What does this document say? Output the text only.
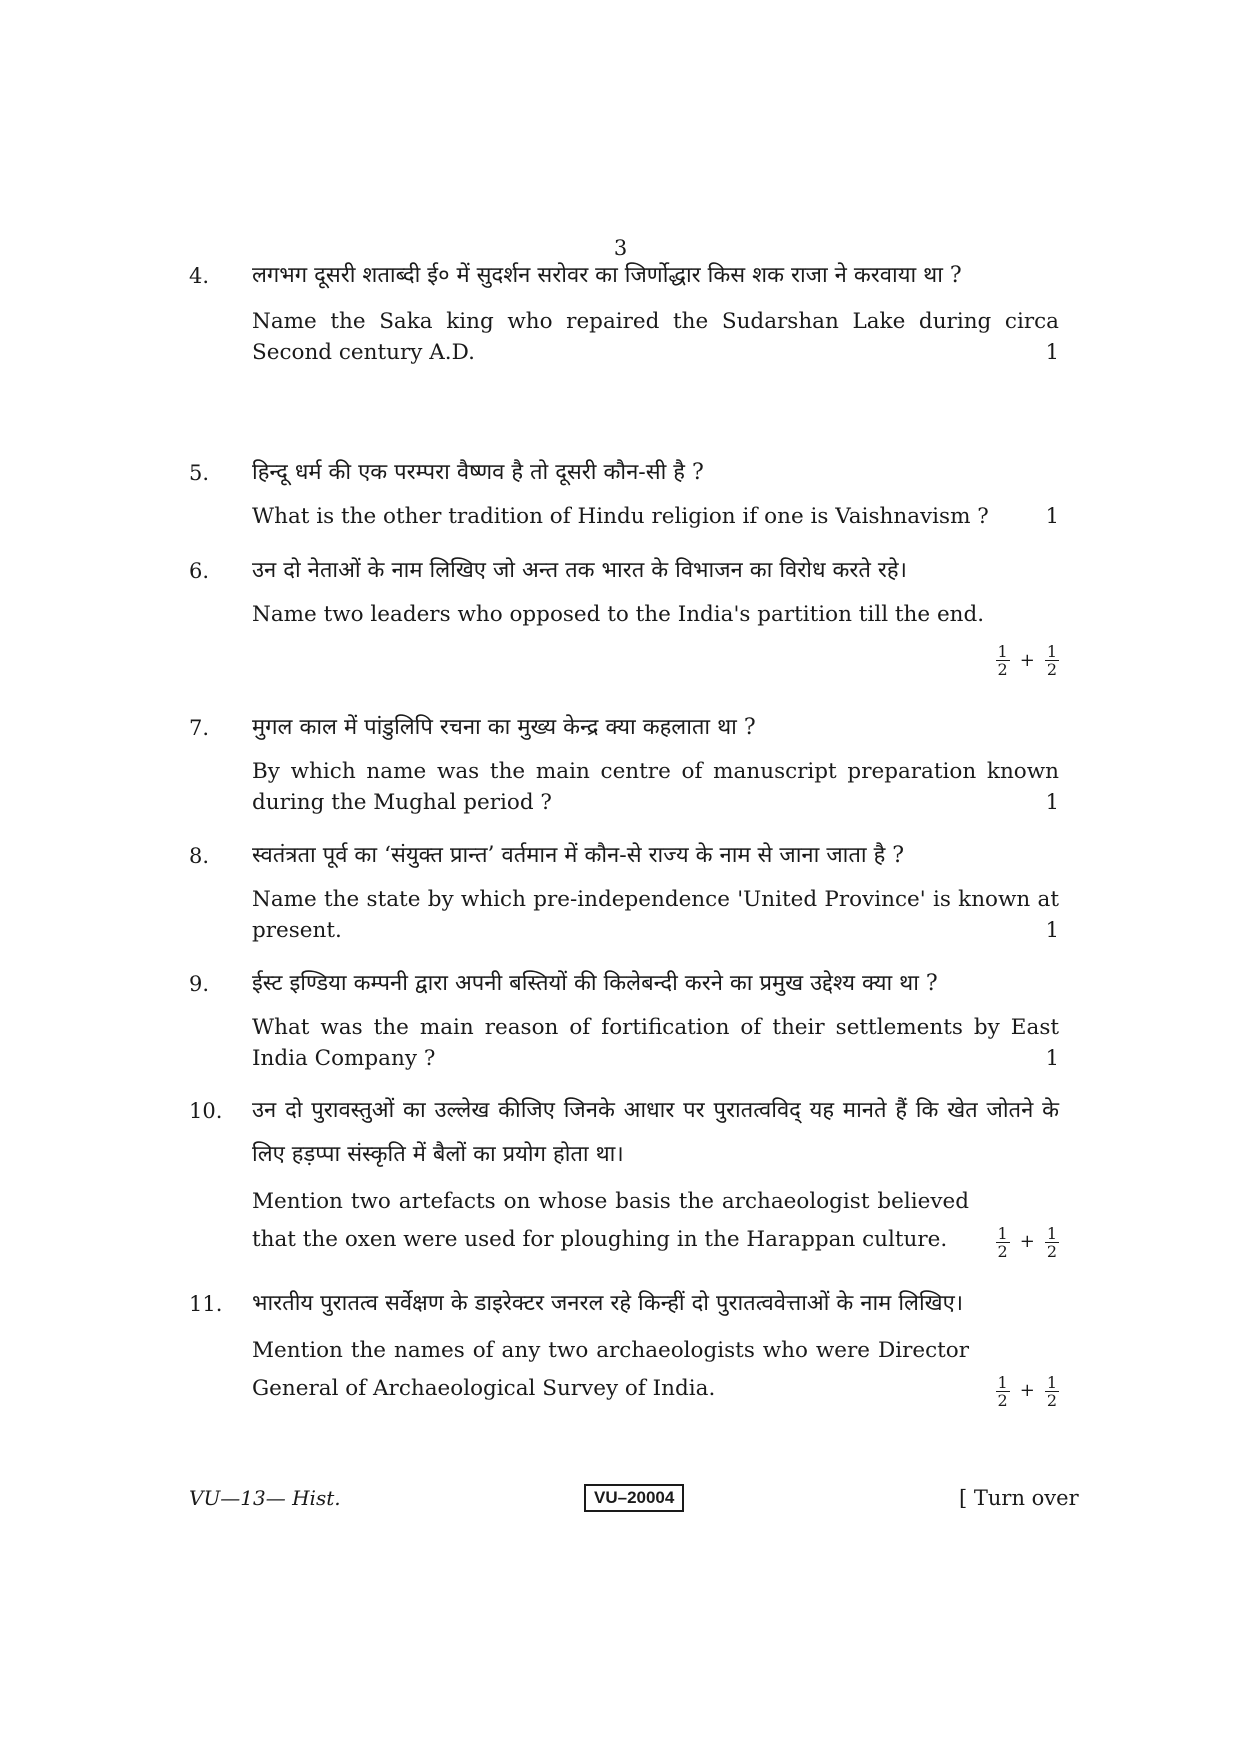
3
4. लगभग दूसरी शताब्दी ई० में सुदर्शन सरोवर का जिर्णोद्धार किस शक राजा ने करवाया था ?
Name the Saka king who repaired the Sudarshan Lake during circa Second century A.D.	1
5. हिन्दू धर्म की एक परम्परा वैष्णव है तो दूसरी कौन-सी है ?
What is the other tradition of Hindu religion if one is Vaishnavism ?	1
6. उन दो नेताओं के नाम लिखिए जो अन्त तक भारत के विभाजन का विरोध करते रहे।
Name two leaders who opposed to the India's partition till the end.
$\frac{1}{2} + \frac{1}{2}$
7. मुगल काल में पांडुलिपि रचना का मुख्य केन्द्र क्या कहलाता था ?
By which name was the main centre of manuscript preparation known during the Mughal period ?	1
8. स्वतंत्रता पूर्व का ‘संयुक्त प्रान्त’ वर्तमान में कौन-से राज्य के नाम से जाना जाता है ?
Name the state by which pre-independence 'United Province' is known at present.	1
9. ईस्ट इण्डिया कम्पनी द्वारा अपनी बस्तियों की किलेबन्दी करने का प्रमुख उद्देश्य क्या था ?
What was the main reason of fortification of their settlements by East India Company ?	1
10. उन दो पुरावस्तुओं का उल्लेख कीजिए जिनके आधार पर पुरातत्वविद् यह मानते हैं कि खेत जोतने के लिए हड़प्पा संस्कृति में बैलों का प्रयोग होता था।
Mention two artefacts on whose basis the archaeologist believed that the oxen were used for ploughing in the Harappan culture.	$\frac{1}{2} + \frac{1}{2}$
11. भारतीय पुरातत्व सर्वेक्षण के डाइरेक्टर जनरल रहे किन्हीं दो पुरातत्ववेत्ताओं के नाम लिखिए।
Mention the names of any two archaeologists who were Director General of Archaeological Survey of India.	$\frac{1}{2} + \frac{1}{2}$
VU—13— Hist.	VU–20004	[ Turn over
